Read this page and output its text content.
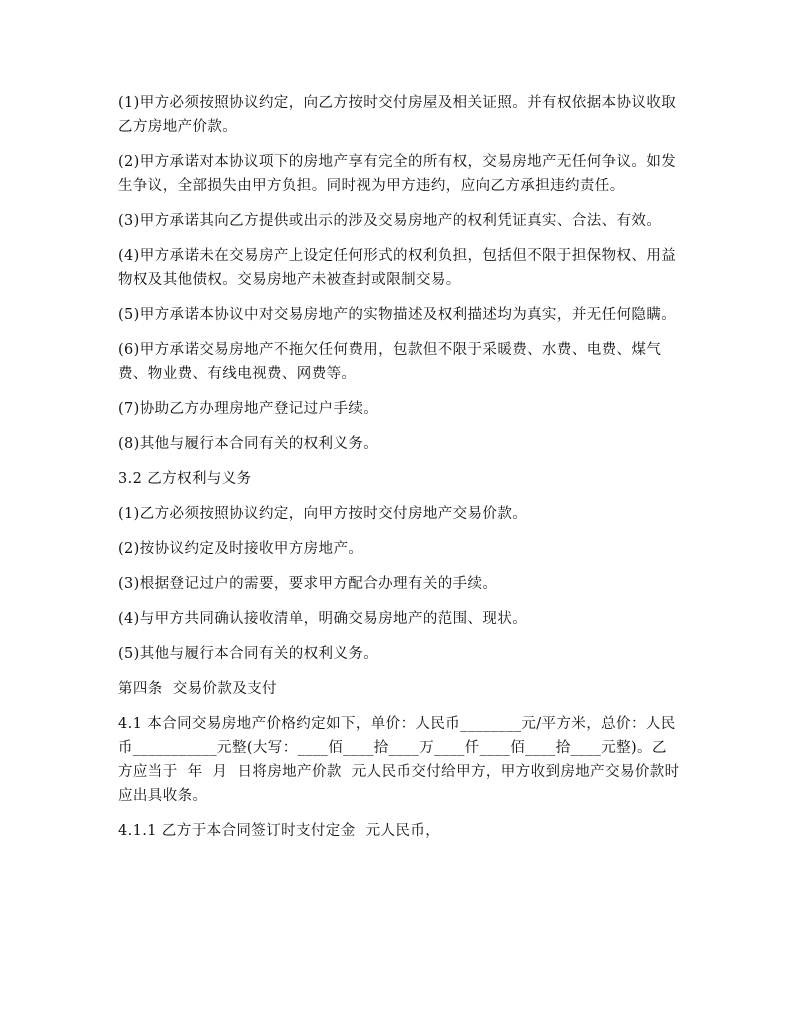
(1)甲方必须按照协议约定，向乙方按时交付房屋及相关证照。并有权依据本协议收取乙方房地产价款。

(2)甲方承诺对本协议项下的房地产享有完全的所有权，交易房地产无任何争议。如发生争议，全部损失由甲方负担。同时视为甲方违约，应向乙方承担违约责任。

(3)甲方承诺其向乙方提供或出示的涉及交易房地产的权利凭证真实、合法、有效。

(4)甲方承诺未在交易房产上设定任何形式的权利负担，包括但不限于担保物权、用益物权及其他债权。交易房地产未被查封或限制交易。

(5)甲方承诺本协议中对交易房地产的实物描述及权利描述均为真实，并无任何隐瞒。

(6)甲方承诺交易房地产不拖欠任何费用，包款但不限于采暖费、水费、电费、煤气费、物业费、有线电视费、网费等。

(7)协助乙方办理房地产登记过户手续。

(8)其他与履行本合同有关的权利义务。

3.2 乙方权利与义务

(1)乙方必须按照协议约定，向甲方按时交付房地产交易价款。

(2)按协议约定及时接收甲方房地产。

(3)根据登记过户的需要，要求甲方配合办理有关的手续。

(4)与甲方共同确认接收清单，明确交易房地产的范围、现状。

(5)其他与履行本合同有关的权利义务。

第四条  交易价款及支付

4.1 本合同交易房地产价格约定如下，单价：人民币________元/平方米，总价：人民币___________元整(大写：____佰____拾____万____仟____佰____拾____元整)。乙方应当于  年  月  日将房地产价款  元人民币交付给甲方，甲方收到房地产交易价款时应出具收条。

4.1.1 乙方于本合同签订时支付定金  元人民币，
